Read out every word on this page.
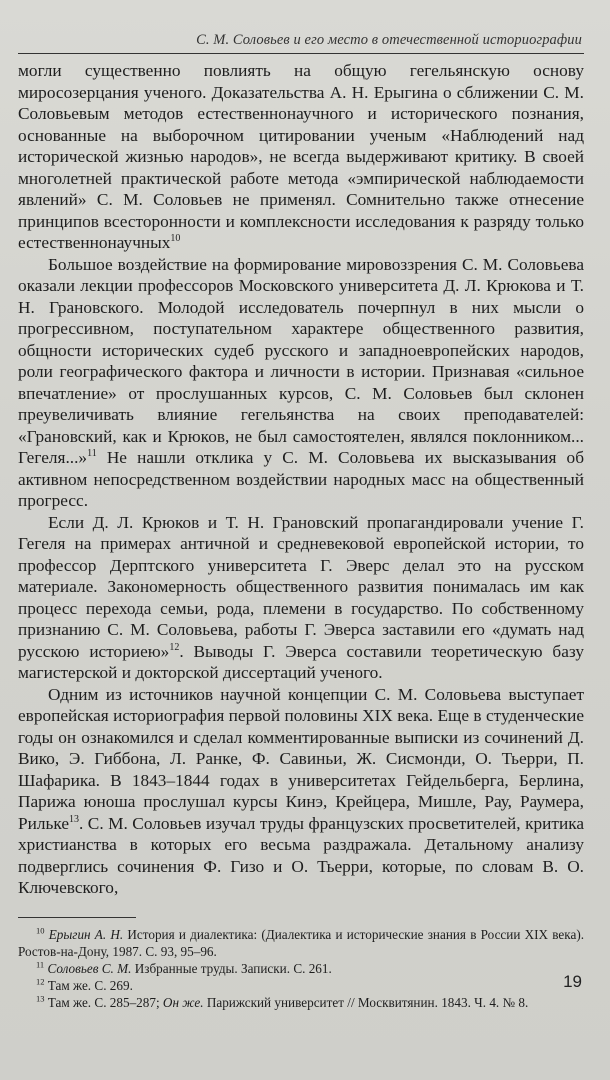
С. М. Соловьев и его место в отечественной историографии

могли существенно повлиять на общую гегельянскую основу миросозерцания ученого. Доказательства А. Н. Ерыгина о сближении С. М. Соловьевым методов естественнонаучного и исторического познания, основанные на выборочном цитировании ученым «Наблюдений над исторической жизнью народов», не всегда выдерживают критику. В своей многолетней практической работе метода «эмпирической наблюдаемости явлений» С. М. Соловьев не применял. Сомнительно также отнесение принципов всесторонности и комплексности исследования к разряду только естественнонаучных$^{10}$

Большое воздействие на формирование мировоззрения С. М. Соловьева оказали лекции профессоров Московского университета Д. Л. Крюкова и Т. Н. Грановского. Молодой исследователь почерпнул в них мысли о прогрессивном, поступательном характере общественного развития, общности исторических судеб русского и западноевропейских народов, роли географического фактора и личности в истории. Признавая «сильное впечатление» от прослушанных курсов, С. М. Соловьев был склонен преувеличивать влияние гегельянства на своих преподавателей: «Грановский, как и Крюков, не был самостоятелен, являлся поклонником... Гегеля...»$^{11}$ Не нашли отклика у С. М. Соловьева их высказывания об активном непосредственном воздействии народных масс на общественный прогресс.

Если Д. Л. Крюков и Т. Н. Грановский пропагандировали учение Г. Гегеля на примерах античной и средневековой европейской истории, то профессор Дерптского университета Г. Эверс делал это на русском материале. Закономерность общественного развития понималась им как процесс перехода семьи, рода, племени в государство. По собственному признанию С. М. Соловьева, работы Г. Эверса заставили его «думать над русскою историею»$^{12}$. Выводы Г. Эверса составили теоретическую базу магистерской и докторской диссертаций ученого.

Одним из источников научной концепции С. М. Соловьева выступает европейская историография первой половины XIX века. Еще в студенческие годы он ознакомился и сделал комментированные выписки из сочинений Д. Вико, Э. Гиббона, Л. Ранке, Ф. Савиньи, Ж. Сисмонди, О. Тьерри, П. Шафарика. В 1843–1844 годах в университетах Гейдельберга, Берлина, Парижа юноша прослушал курсы Кинэ, Крейцера, Мишле, Рау, Раумера, Рильке$^{13}$. С. М. Соловьев изучал труды французских просветителей, критика христианства в которых его весьма раздражала. Детальному анализу подверглись сочинения Ф. Гизо и О. Тьерри, которые, по словам В. О. Ключевского,

$^{10}$ Ерыгин А. Н. История и диалектика: (Диалектика и исторические знания в России XIX века). Ростов-на-Дону, 1987. С. 93, 95–96.

$^{11}$ Соловьев С. М. Избранные труды. Записки. С. 261.

$^{12}$ Там же. С. 269.

$^{13}$ Там же. С. 285–287; Он же. Парижский университет // Москвитянин. 1843. Ч. 4. № 8.

19
